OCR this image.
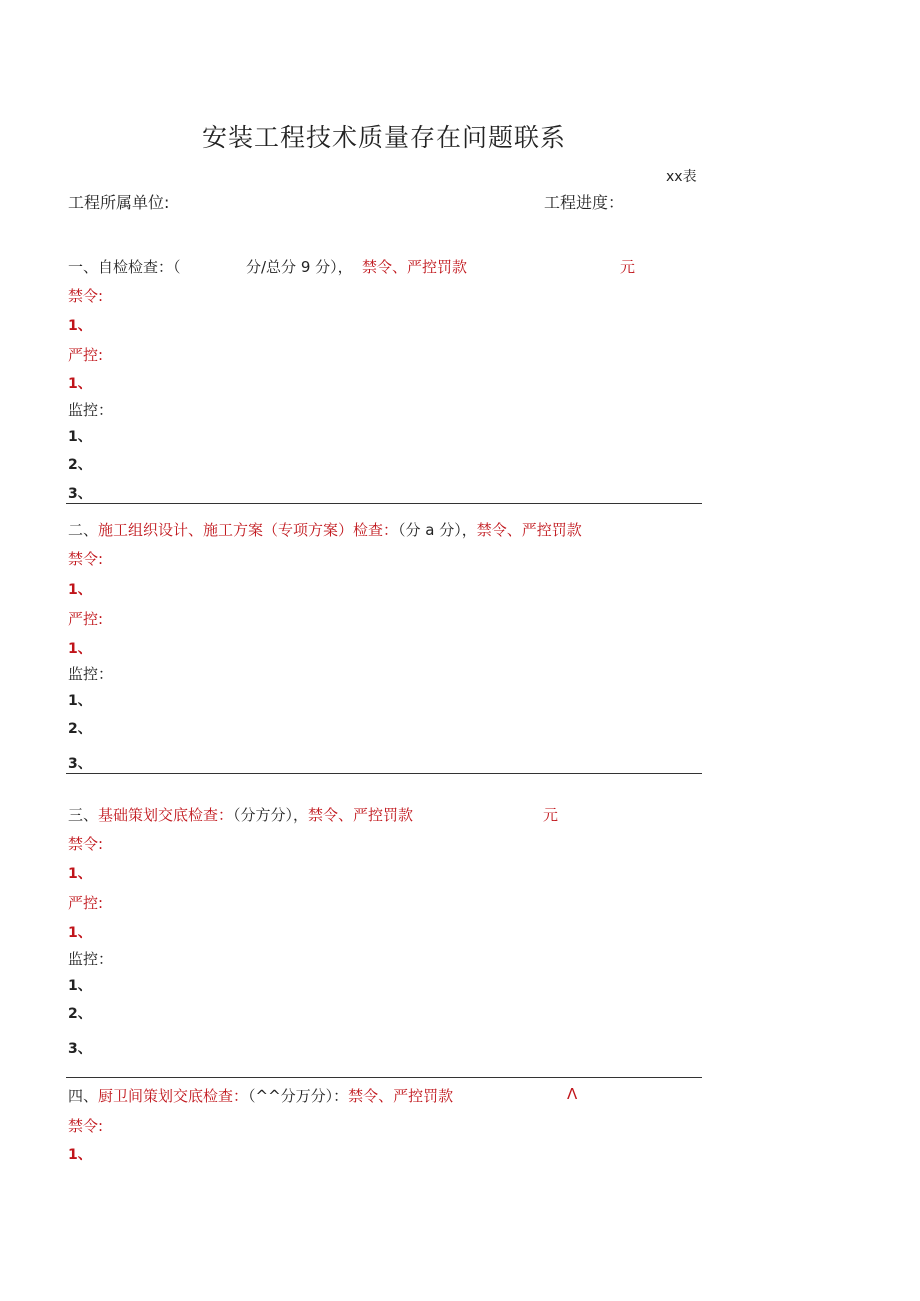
安装工程技术质量存在问题联系
xx表
工程所属单位:	工程进度：
一、自检检查：（	分/总分 9 分）， 禁令、严控罚款	元
禁令:
1、
严控:
1、
监控：
1、
2、
3、
二、施工组织设计、施工方案（专项方案）检查：（分 a 分），禁令、严控罚款
禁令:
1、
严控:
1、
监控：
1、
2、
3、
三、基础策划交底检查：（分方分），禁令、严控罚款	元
禁令:
1、
严控:
1、
监控：
1、
2、
3、
四、厨卫间策划交底检查：（^^分万分）：禁令、严控罚款	Λ
禁令:
1、
